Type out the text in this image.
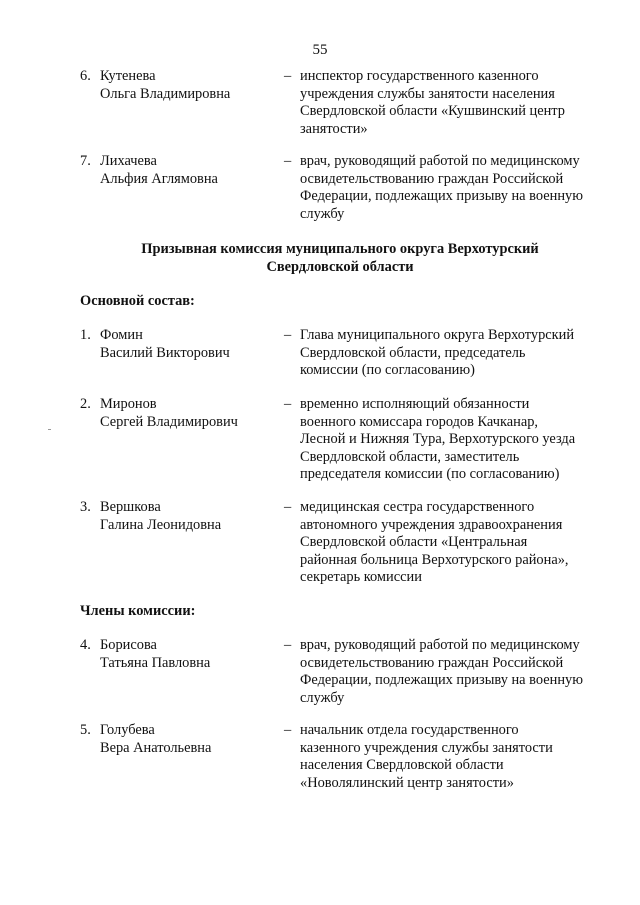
55
6. Кутенева
Ольга Владимировна
– инспектор государственного казенного
учреждения службы занятости населения
Свердловской области «Кушвинский центр
занятости»
7. Лихачева
Альфия Аглямовна
– врач, руководящий работой по медицинскому
освидетельствованию граждан Российской
Федерации, подлежащих призыву на военную
службу
Призывная комиссия муниципального округа Верхотурский
Свердловской области
Основной состав:
1. Фомин
Василий Викторович
– Глава муниципального округа Верхотурский
Свердловской области, председатель
комиссии (по согласованию)
2. Миронов
Сергей Владимирович
– временно исполняющий обязанности
военного комиссара городов Качканар,
Лесной и Нижняя Тура, Верхотурского уезда
Свердловской области, заместитель
председателя комиссии (по согласованию)
3. Вершкова
Галина Леонидовна
– медицинская сестра государственного
автономного учреждения здравоохранения
Свердловской области «Центральная
районная больница Верхотурского района»,
секретарь комиссии
Члены комиссии:
4. Борисова
Татьяна Павловна
– врач, руководящий работой по медицинскому
освидетельствованию граждан Российской
Федерации, подлежащих призыву на военную
службу
5. Голубева
Вера Анатольевна
– начальник отдела государственного
казенного учреждения службы занятости
населения Свердловской области
«Новолялинский центр занятости»
